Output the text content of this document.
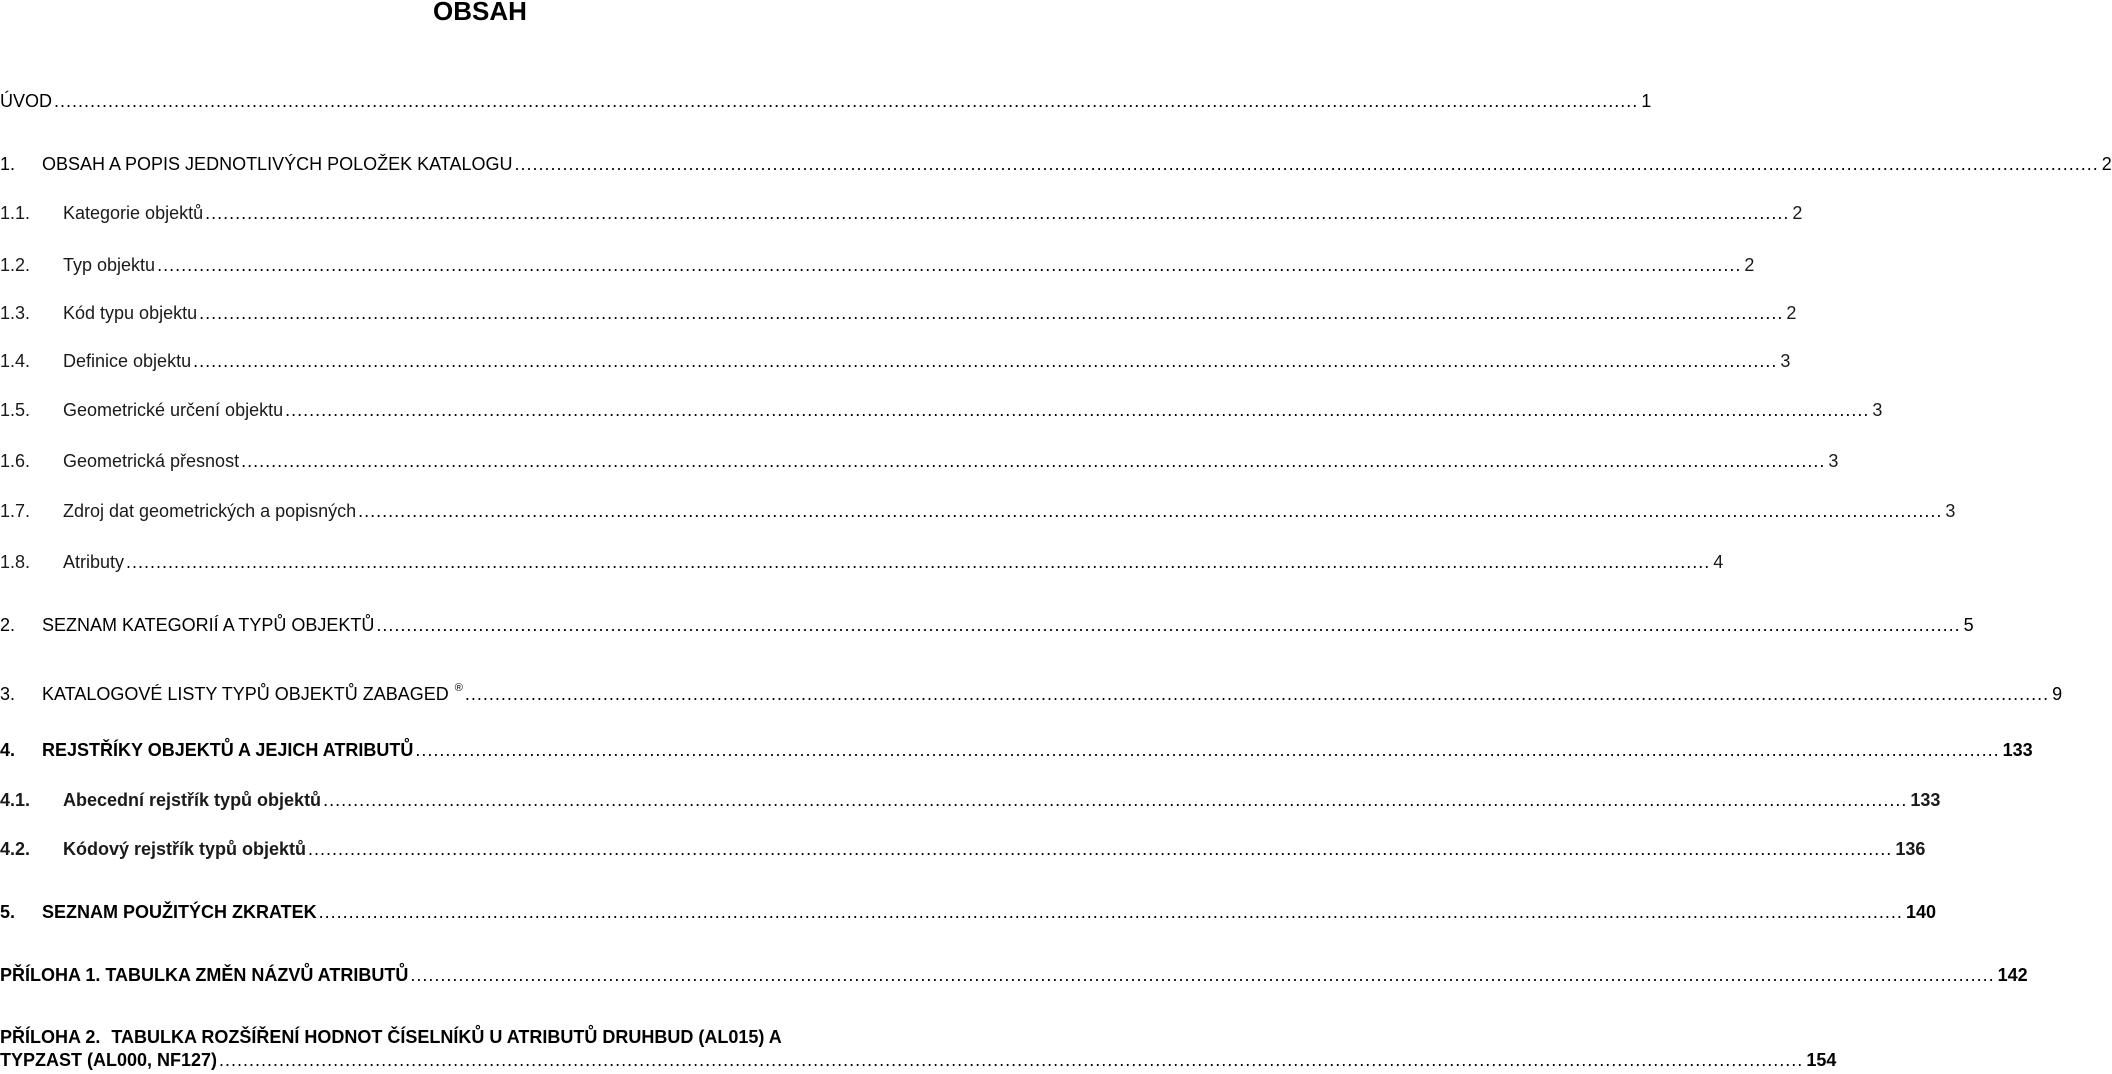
OBSAH
ÚVOD .....	1
1.	OBSAH A POPIS JEDNOTLIVÝCH POLOŽEK KATALOGU .....	2
1.1.	Kategorie objektů .....	2
1.2.	Typ objektu .....	2
1.3.	Kód typu objektu .....	2
1.4.	Definice objektu .....	3
1.5.	Geometrické určení objektu .....	3
1.6.	Geometrická přesnost .....	3
1.7.	Zdroj dat geometrických a popisných .....	3
1.8.	Atributy .....	4
2.	SEZNAM KATEGORIÍ A TYPŮ OBJEKTŮ .....	5
3.	KATALOGOVÉ LISTY TYPŮ OBJEKTŮ ZABAGED ® .....	9
4.	REJSTŘÍKY OBJEKTŮ A JEJICH ATRIBUTŮ .....	133
4.1.	Abecední rejstřík typů objektů .....	133
4.2.	Kódový rejstřík typů objektů .....	136
5.	SEZNAM POUŽITÝCH ZKRATEK .....	140
PŘÍLOHA 1. TABULKA ZMĚN NÁZVŮ ATRIBUTŮ .....	142
PŘÍLOHA 2. TABULKA ROZŠÍŘENÍ HODNOT ČÍSELNÍKŮ U ATRIBUTŮ DRUHBUD (AL015) A
TYPZAST (AL000, NF127) .....	154
